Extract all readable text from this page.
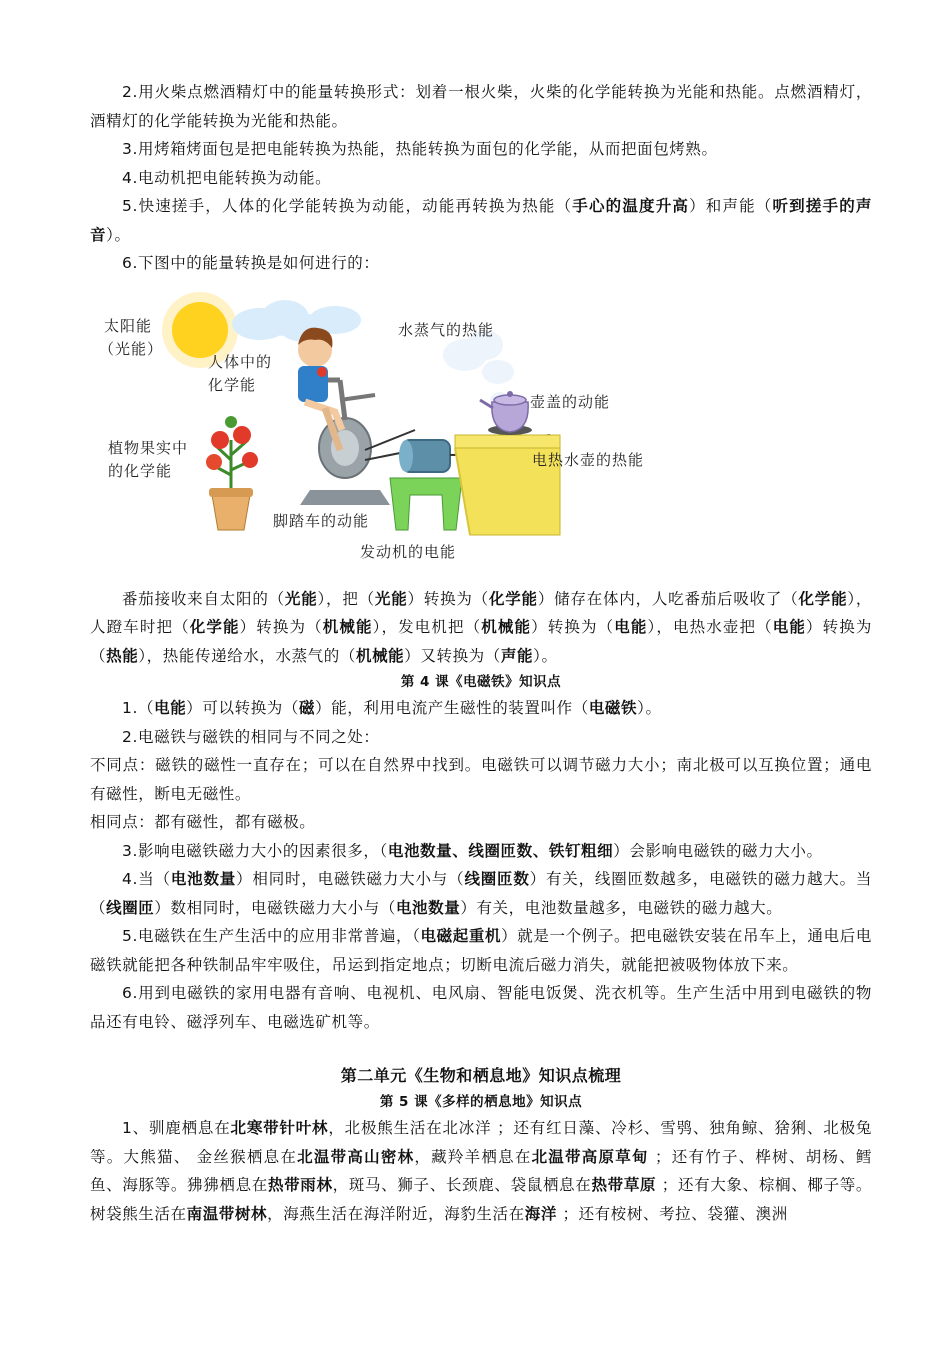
2.用火柴点燃酒精灯中的能量转换形式：划着一根火柴，火柴的化学能转换为光能和热能。点燃酒精灯，酒精灯的化学能转换为光能和热能。

3.用烤箱烤面包是把电能转换为热能，热能转换为面包的化学能，从而把面包烤熟。

4.电动机把电能转换为动能。

5.快速搓手，人体的化学能转换为动能，动能再转换为热能（手心的温度升高）和声能（听到搓手的声音）。

6.下图中的能量转换是如何进行的：

太阳能
（光能）
人体中的
化学能
水蒸气的热能
壶盖的动能
植物果实中
的化学能
电热水壶的热能
脚踏车的动能
发动机的电能

番茄接收来自太阳的（光能），把（光能）转换为（化学能）储存在体内，人吃番茄后吸收了（化学能），人蹬车时把（化学能）转换为（机械能），发电机把（机械能）转换为（电能），电热水壶把（电能）转换为（热能），热能传递给水，水蒸气的（机械能）又转换为（声能）。

第 4 课《电磁铁》知识点

1.（电能）可以转换为（磁）能，利用电流产生磁性的装置叫作（电磁铁）。

2.电磁铁与磁铁的相同与不同之处：

不同点：磁铁的磁性一直存在；可以在自然界中找到。电磁铁可以调节磁力大小；南北极可以互换位置；通电有磁性，断电无磁性。

相同点：都有磁性，都有磁极。

3.影响电磁铁磁力大小的因素很多，（电池数量、线圈匝数、铁钉粗细）会影响电磁铁的磁力大小。

4.当（电池数量）相同时，电磁铁磁力大小与（线圈匝数）有关，线圈匝数越多，电磁铁的磁力越大。当（线圈匝）数相同时，电磁铁磁力大小与（电池数量）有关，电池数量越多，电磁铁的磁力越大。

5.电磁铁在生产生活中的应用非常普遍，（电磁起重机）就是一个例子。把电磁铁安装在吊车上，通电后电磁铁就能把各种铁制品牢牢吸住，吊运到指定地点；切断电流后磁力消失，就能把被吸物体放下来。

6.用到电磁铁的家用电器有音响、电视机、电风扇、智能电饭煲、洗衣机等。生产生活中用到电磁铁的物品还有电铃、磁浮列车、电磁选矿机等。

第二单元《生物和栖息地》知识点梳理
第 5 课《多样的栖息地》知识点

1、驯鹿栖息在北寒带针叶林，北极熊生活在北冰洋 ；还有红日藻、冷杉、雪鸮、独角鲸、猞猁、北极兔等。大熊猫、 金丝猴栖息在北温带高山密林，藏羚羊栖息在北温带高原草甸 ；还有竹子、桦树、胡杨、鳕鱼、海豚等。狒狒栖息在热带雨林，斑马、狮子、长颈鹿、袋鼠栖息在热带草原 ；还有大象、棕榈、椰子等。树袋熊生活在南温带树林，海燕生活在海洋附近，海豹生活在海洋 ；还有桉树、考拉、袋獾、澳洲
